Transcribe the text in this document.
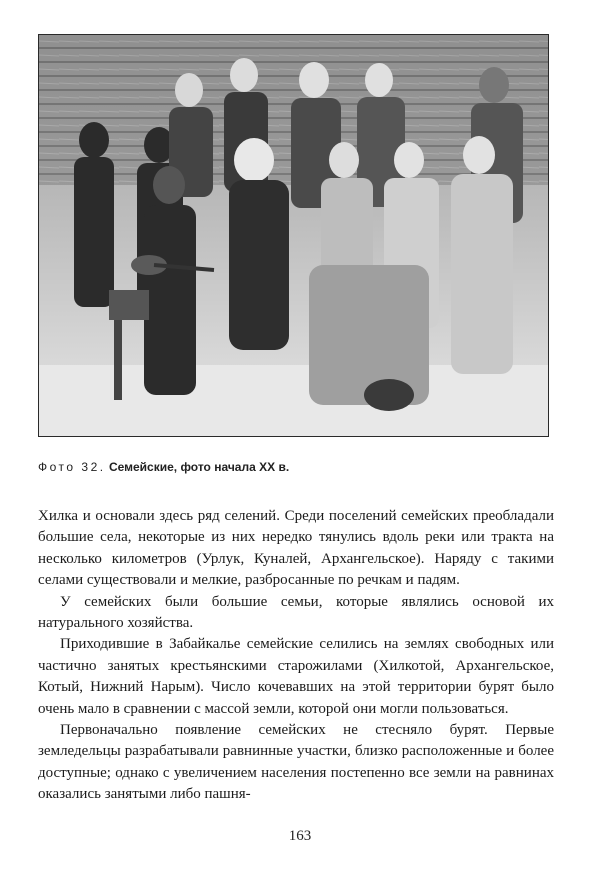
Фото 32. Семейские, фото начала XX в.

Хилка и основали здесь ряд селений. Среди поселений семейских преобладали большие села, некоторые из них нередко тянулись вдоль реки или тракта на несколько километров (Урлук, Куналей, Архангельское). Наряду с такими селами существовали и мелкие, разбросанные по речкам и падям.

У семейских были большие семьи, которые являлись основой их натурального хозяйства.

Приходившие в Забайкалье семейские селились на землях свободных или частично занятых крестьянскими старожилами (Хилкотой, Архангельское, Котый, Нижний Нарым). Число кочевавших на этой территории бурят было очень мало в сравнении с массой земли, которой они могли пользоваться.

Первоначально появление семейских не стесняло бурят. Первые земледельцы разрабатывали равнинные участки, близко расположенные и более доступные; однако с увеличением населения постепенно все земли на равнинах оказались занятыми либо пашня-

163
